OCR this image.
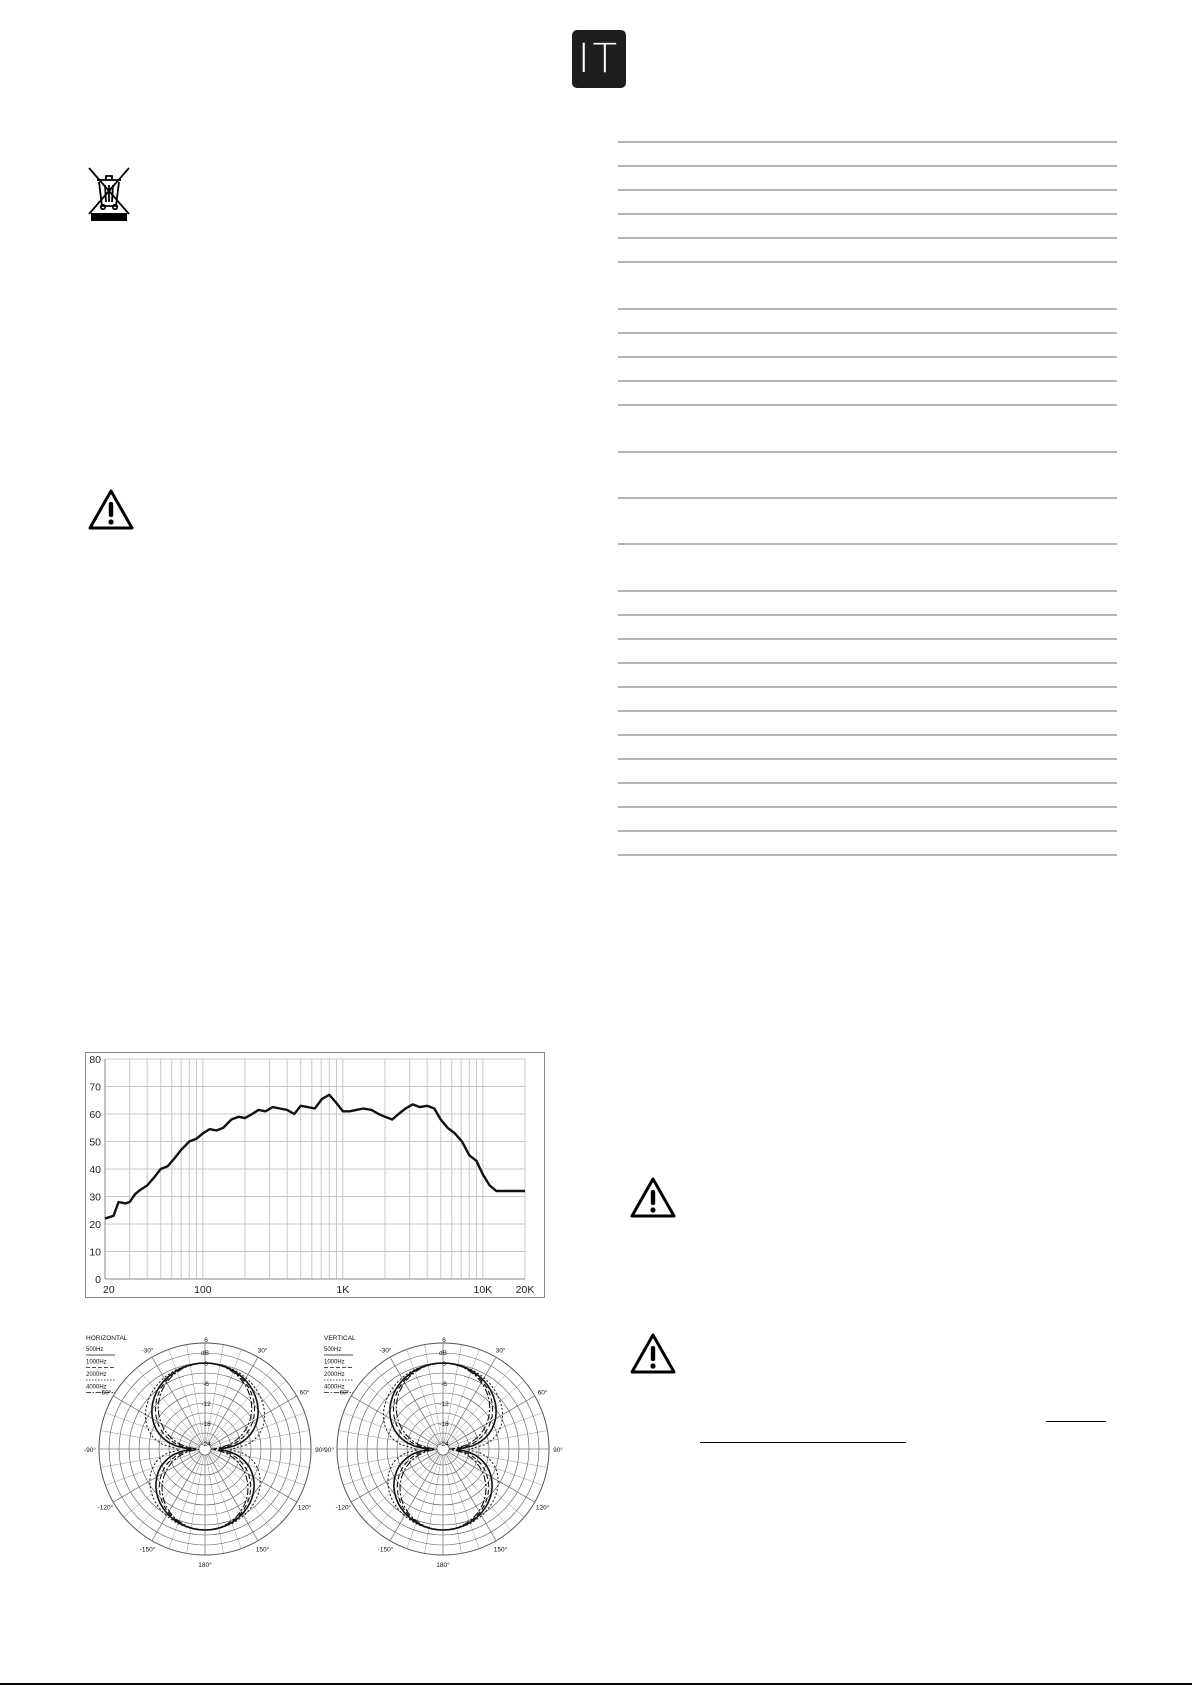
IT
0
10
20
30
40
50
60
70
80
20	100	1K	10K 20K
dB
6
0
-6
-12
-18
-24
-30°	30°
-60°	60°
-90°	90°
-120°	120°
-150°	150°
180°
HORIZONTAL
500Hz
1000Hz
2000Hz
4000Hz
dB
6
0
-6
-12
-18
-24
-30°	30°
-60°	60°
-90°	90°
-120°	120°
-150°	150°
180°
VERTICAL
500Hz
1000Hz
2000Hz
4000Hz
